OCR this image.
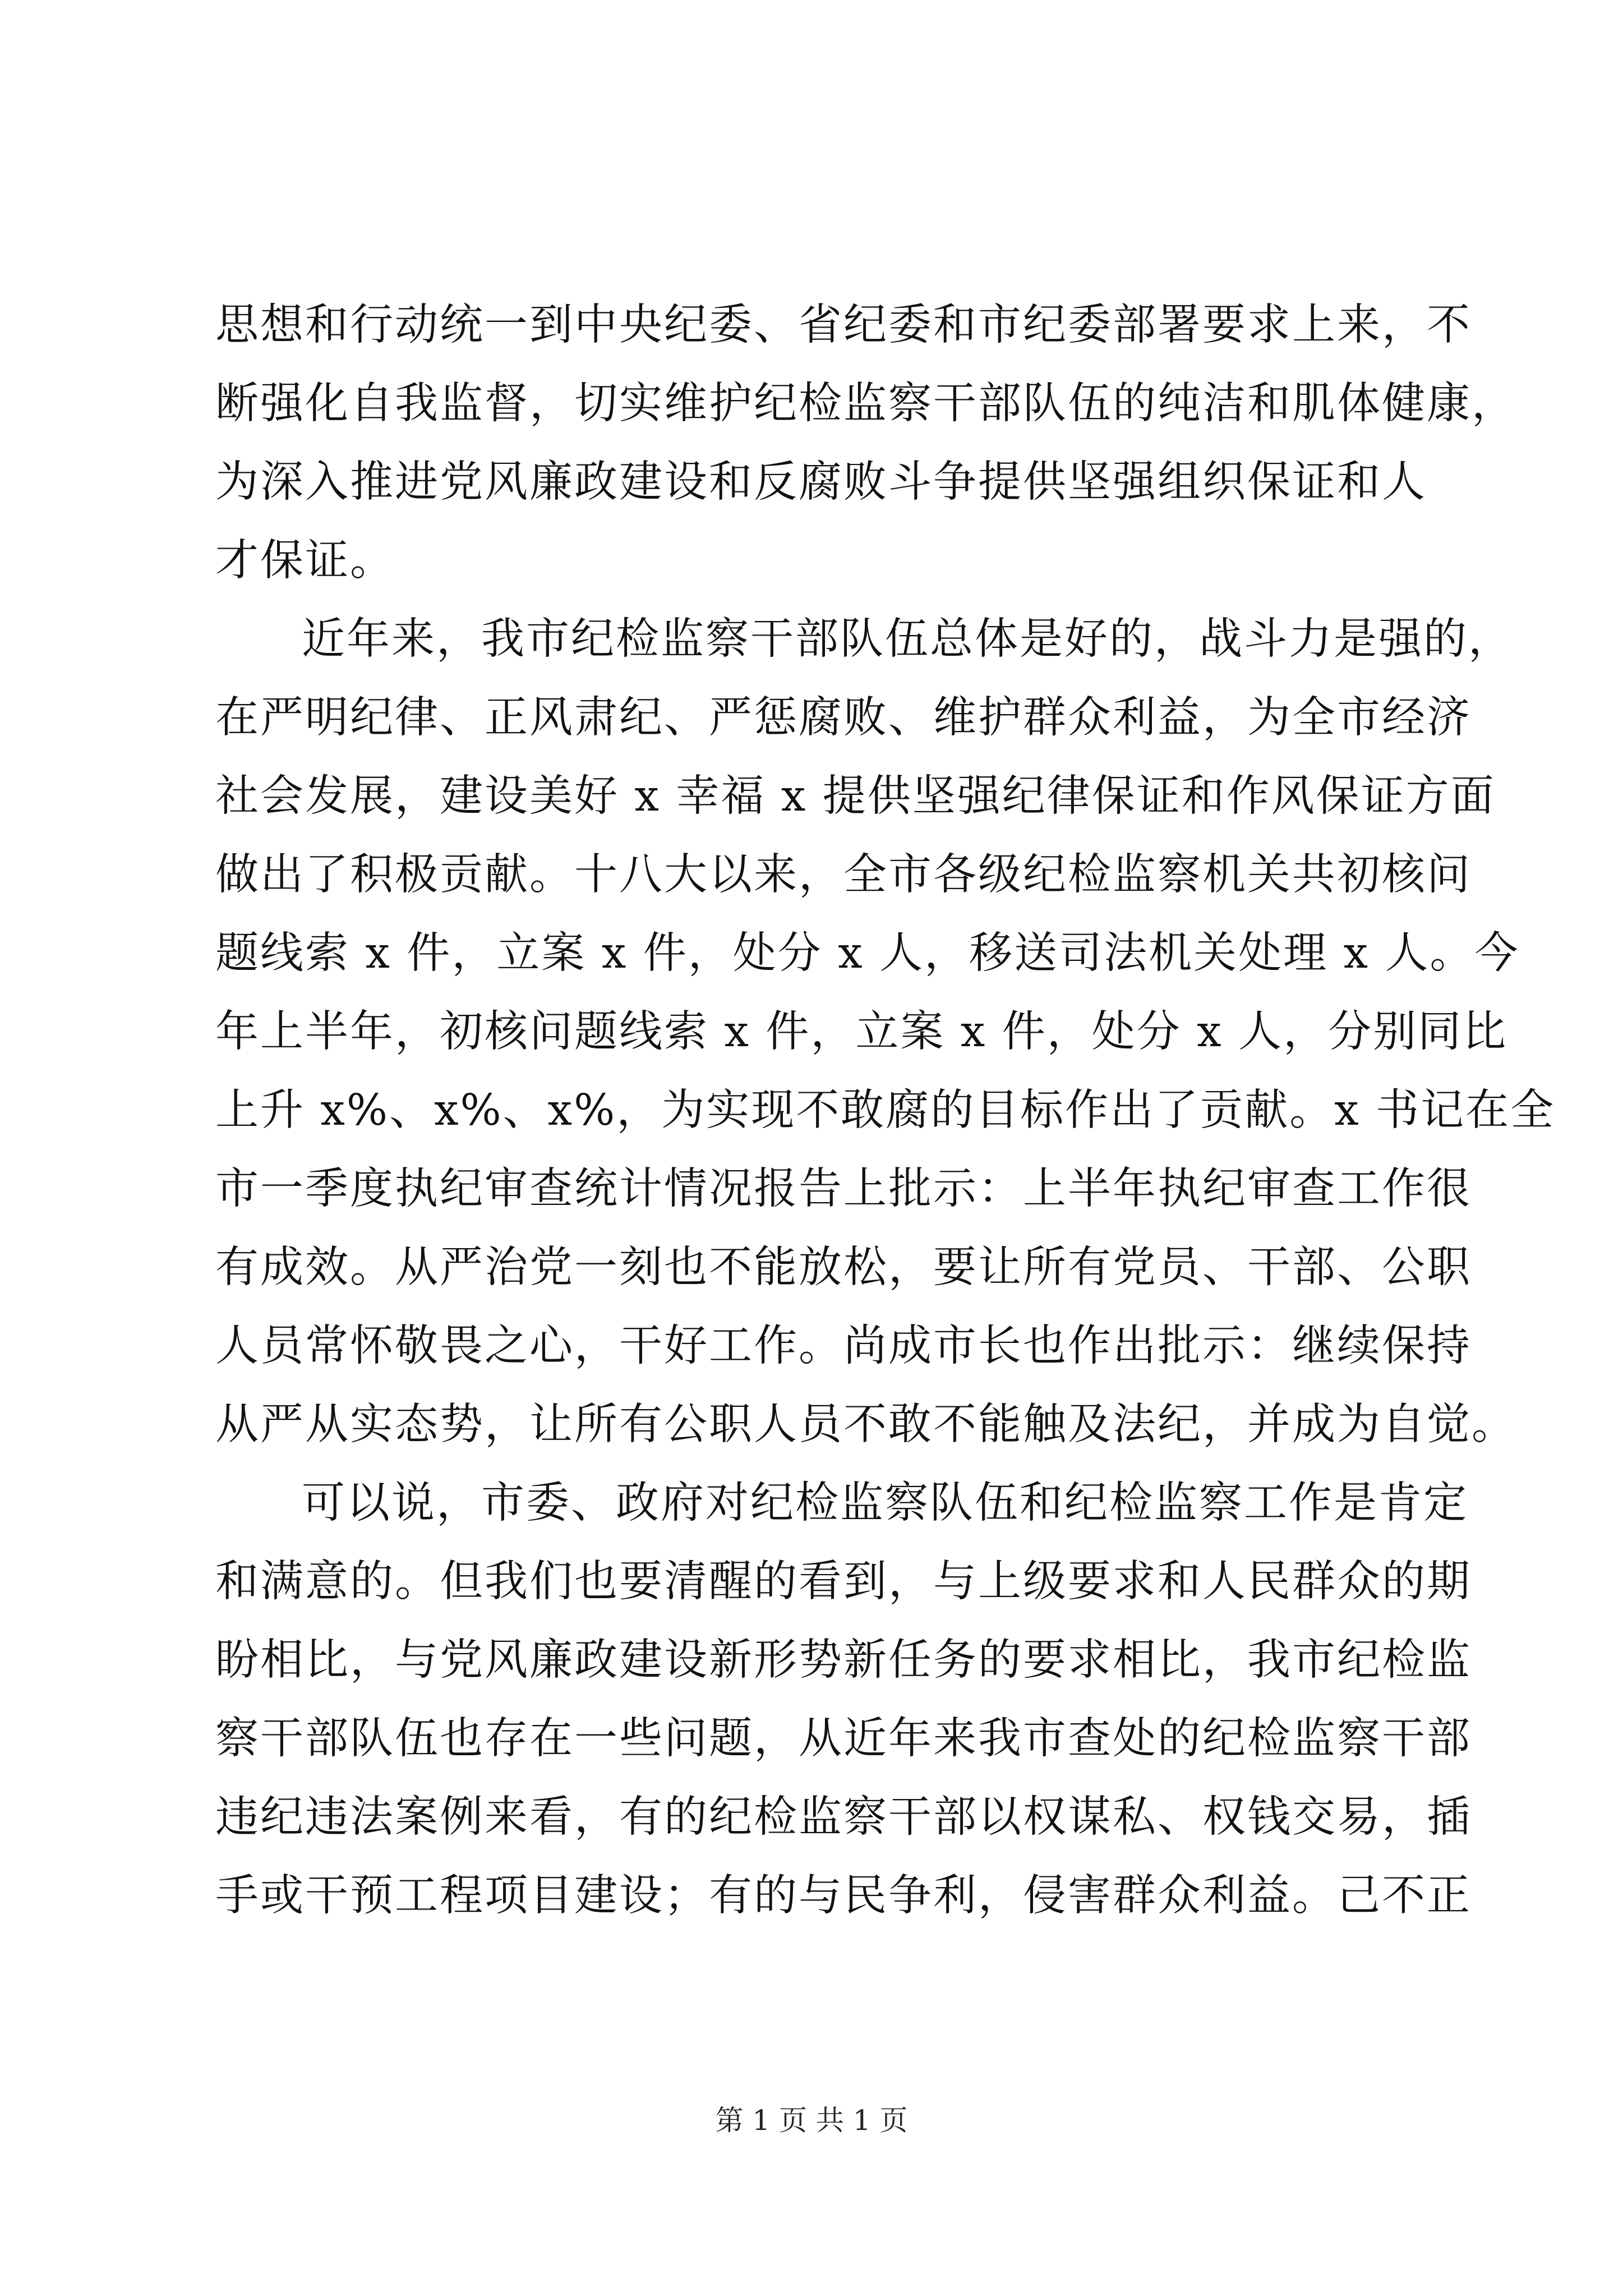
思想和行动统一到中央纪委、省纪委和市纪委部署要求上来，不
断强化自我监督，切实维护纪检监察干部队伍的纯洁和肌体健康，
为深入推进党风廉政建设和反腐败斗争提供坚强组织保证和人
才保证。
近年来，我市纪检监察干部队伍总体是好的，战斗力是强的，
在严明纪律、正风肃纪、严惩腐败、维护群众利益，为全市经济
社会发展，建设美好 x 幸福 x 提供坚强纪律保证和作风保证方面
做出了积极贡献。十八大以来，全市各级纪检监察机关共初核问
题线索 x 件，立案 x 件，处分 x 人，移送司法机关处理 x 人。今
年上半年，初核问题线索 x 件，立案 x 件，处分 x 人，分别同比
上升 x%、x%、x%，为实现不敢腐的目标作出了贡献。x 书记在全
市一季度执纪审查统计情况报告上批示：上半年执纪审查工作很
有成效。从严治党一刻也不能放松，要让所有党员、干部、公职
人员常怀敬畏之心，干好工作。尚成市长也作出批示：继续保持
从严从实态势，让所有公职人员不敢不能触及法纪，并成为自觉。
可以说，市委、政府对纪检监察队伍和纪检监察工作是肯定
和满意的。但我们也要清醒的看到，与上级要求和人民群众的期
盼相比，与党风廉政建设新形势新任务的要求相比，我市纪检监
察干部队伍也存在一些问题，从近年来我市查处的纪检监察干部
违纪违法案例来看，有的纪检监察干部以权谋私、权钱交易，插
手或干预工程项目建设；有的与民争利，侵害群众利益。己不正
第 1 页 共 1 页
